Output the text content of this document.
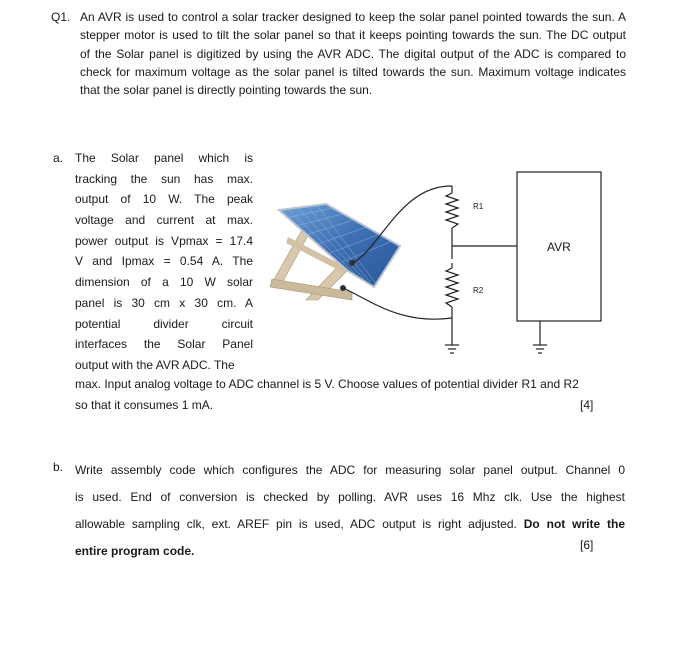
Q1. An AVR is used to control a solar tracker designed to keep the solar panel pointed towards the sun. A
stepper motor is used to tilt the solar panel so that it keeps pointing towards the sun. The DC output
of the Solar panel is digitized by using the AVR ADC. The digital output of the ADC is compared to
check for maximum voltage as the solar panel is tilted towards the sun. Maximum voltage indicates
that the solar panel is directly pointing towards the sun.
a. The Solar panel which is
tracking the sun has max.
output of 10 W. The peak
voltage and current at max.
power output is Vpmax = 17.4
V and Ipmax = 0.54 A. The
dimension of a 10 W solar
panel is 30 cm x 30 cm. A
potential divider circuit
interfaces the Solar Panel
output with the AVR ADC. The
max. Input analog voltage to ADC channel is 5 V. Choose values of potential divider R1 and R2
so that it consumes 1 mA.	[4]
R1
R2
AVR
b. Write assembly code which configures the ADC for measuring solar panel output. Channel 0
is used. End of conversion is checked by polling. AVR uses 16 Mhz clk. Use the highest
allowable sampling clk, ext. AREF pin is used, ADC output is right adjusted. Do not write the
entire program code.	[6]
